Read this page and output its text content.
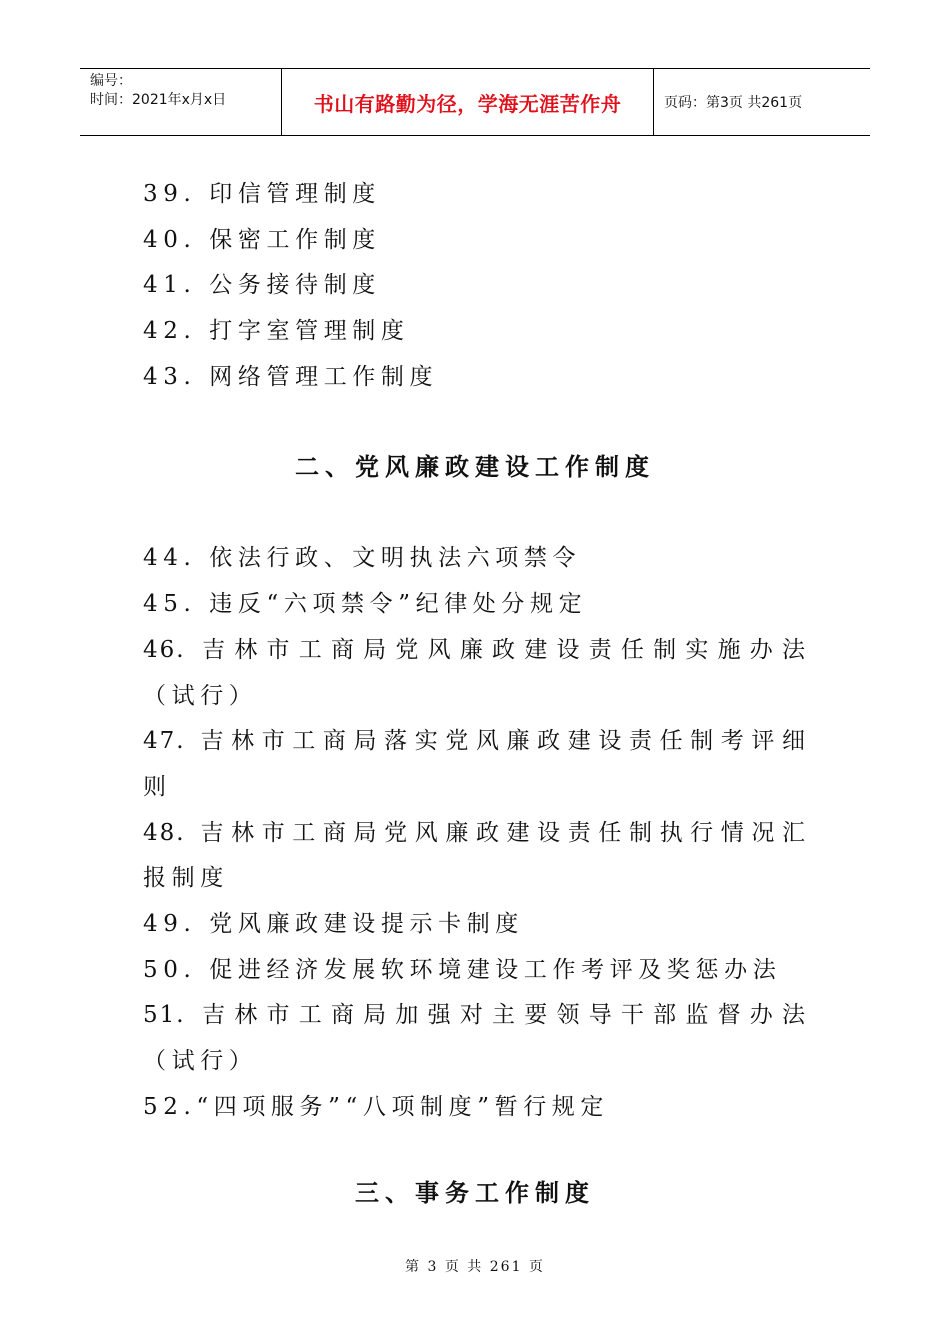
编号：
时间：2021年x月x日	书山有路勤为径，学海无涯苦作舟	页码：第3页 共261页
39. 印信管理制度
40. 保密工作制度
41. 公务接待制度
42. 打字室管理制度
43. 网络管理工作制度
二、党风廉政建设工作制度
44. 依法行政、文明执法六项禁令
45. 违反“六项禁令”纪律处分规定
46. 吉林市工商局党风廉政建设责任制实施办法
（试行）
47. 吉林市工商局落实党风廉政建设责任制考评细
则
48. 吉林市工商局党风廉政建设责任制执行情况汇
报制度
49. 党风廉政建设提示卡制度
50. 促进经济发展软环境建设工作考评及奖惩办法
51. 吉林市工商局加强对主要领导干部监督办法
（试行）
52.“四项服务”“八项制度”暂行规定
三、事务工作制度
第 3 页 共 261 页
